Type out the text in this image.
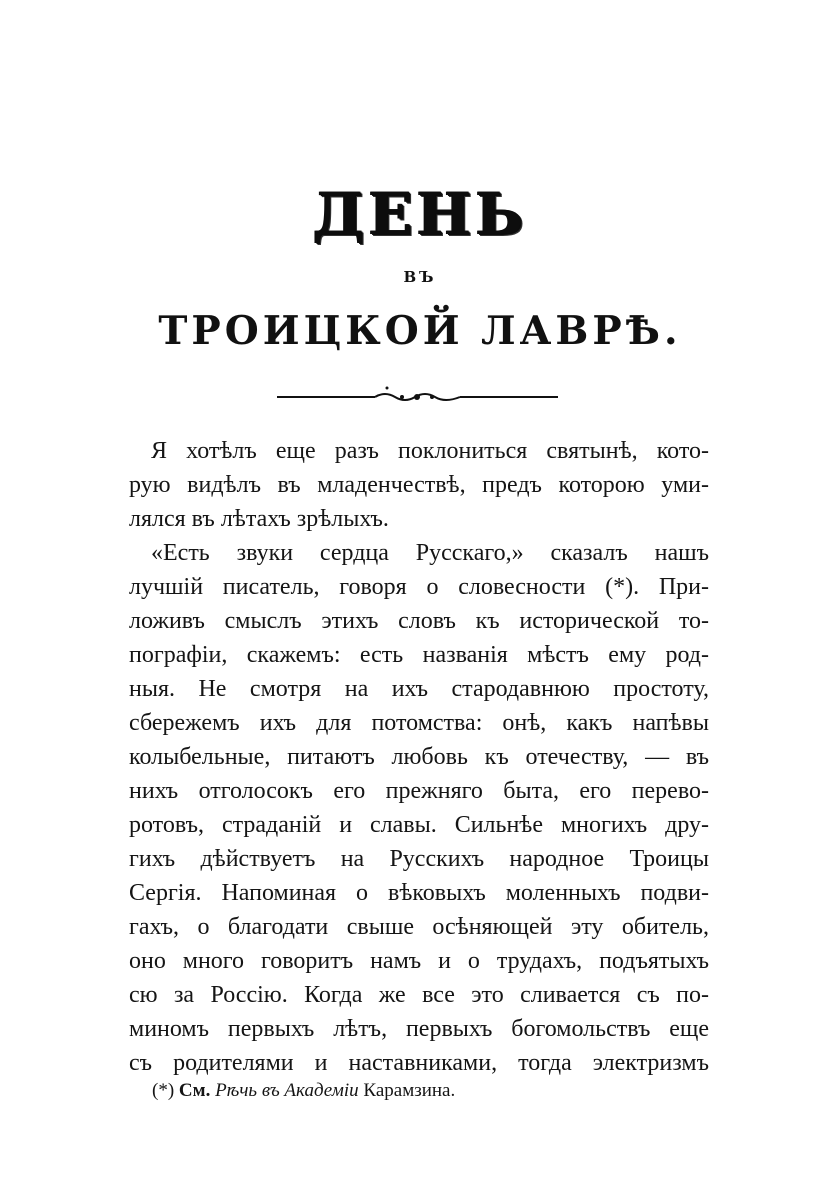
ДЕНЬ
ВЪ
ТРОИЦКОЙ ЛАВРѢ.
Я хотѣлъ еще разъ поклониться святынѣ, кото-
рую видѣлъ въ младенчествѣ, предъ которою уми-
лялся въ лѣтахъ зрѣлыхъ.
«Есть звуки сердца Русскаго,» сказалъ нашъ
лучшій писатель, говоря о словесности (*). При-
ложивъ смыслъ этихъ словъ къ исторической то-
пографіи, скажемъ: есть названія мѣстъ ему род-
ныя. Не смотря на ихъ стародавнюю простоту,
сбережемъ ихъ для потомства: онѣ, какъ напѣвы
колыбельные, питаютъ любовь къ отечеству, — въ
нихъ отголосокъ его прежняго быта, его перево-
ротовъ, страданій и славы. Сильнѣе многихъ дру-
гихъ дѣйствуетъ на Русскихъ народное Троицы
Сергія. Напоминая о вѣковыхъ моленныхъ подви-
гахъ, о благодати свыше осѣняющей эту обитель,
оно много говоритъ намъ и о трудахъ, подъятыхъ
сю за Россію. Когда же все это сливается съ по-
миномъ первыхъ лѣтъ, первыхъ богомольствъ еще
съ родителями и наставниками, тогда электризмъ
(*) См. Рѣчь въ Академіи Карамзина.
